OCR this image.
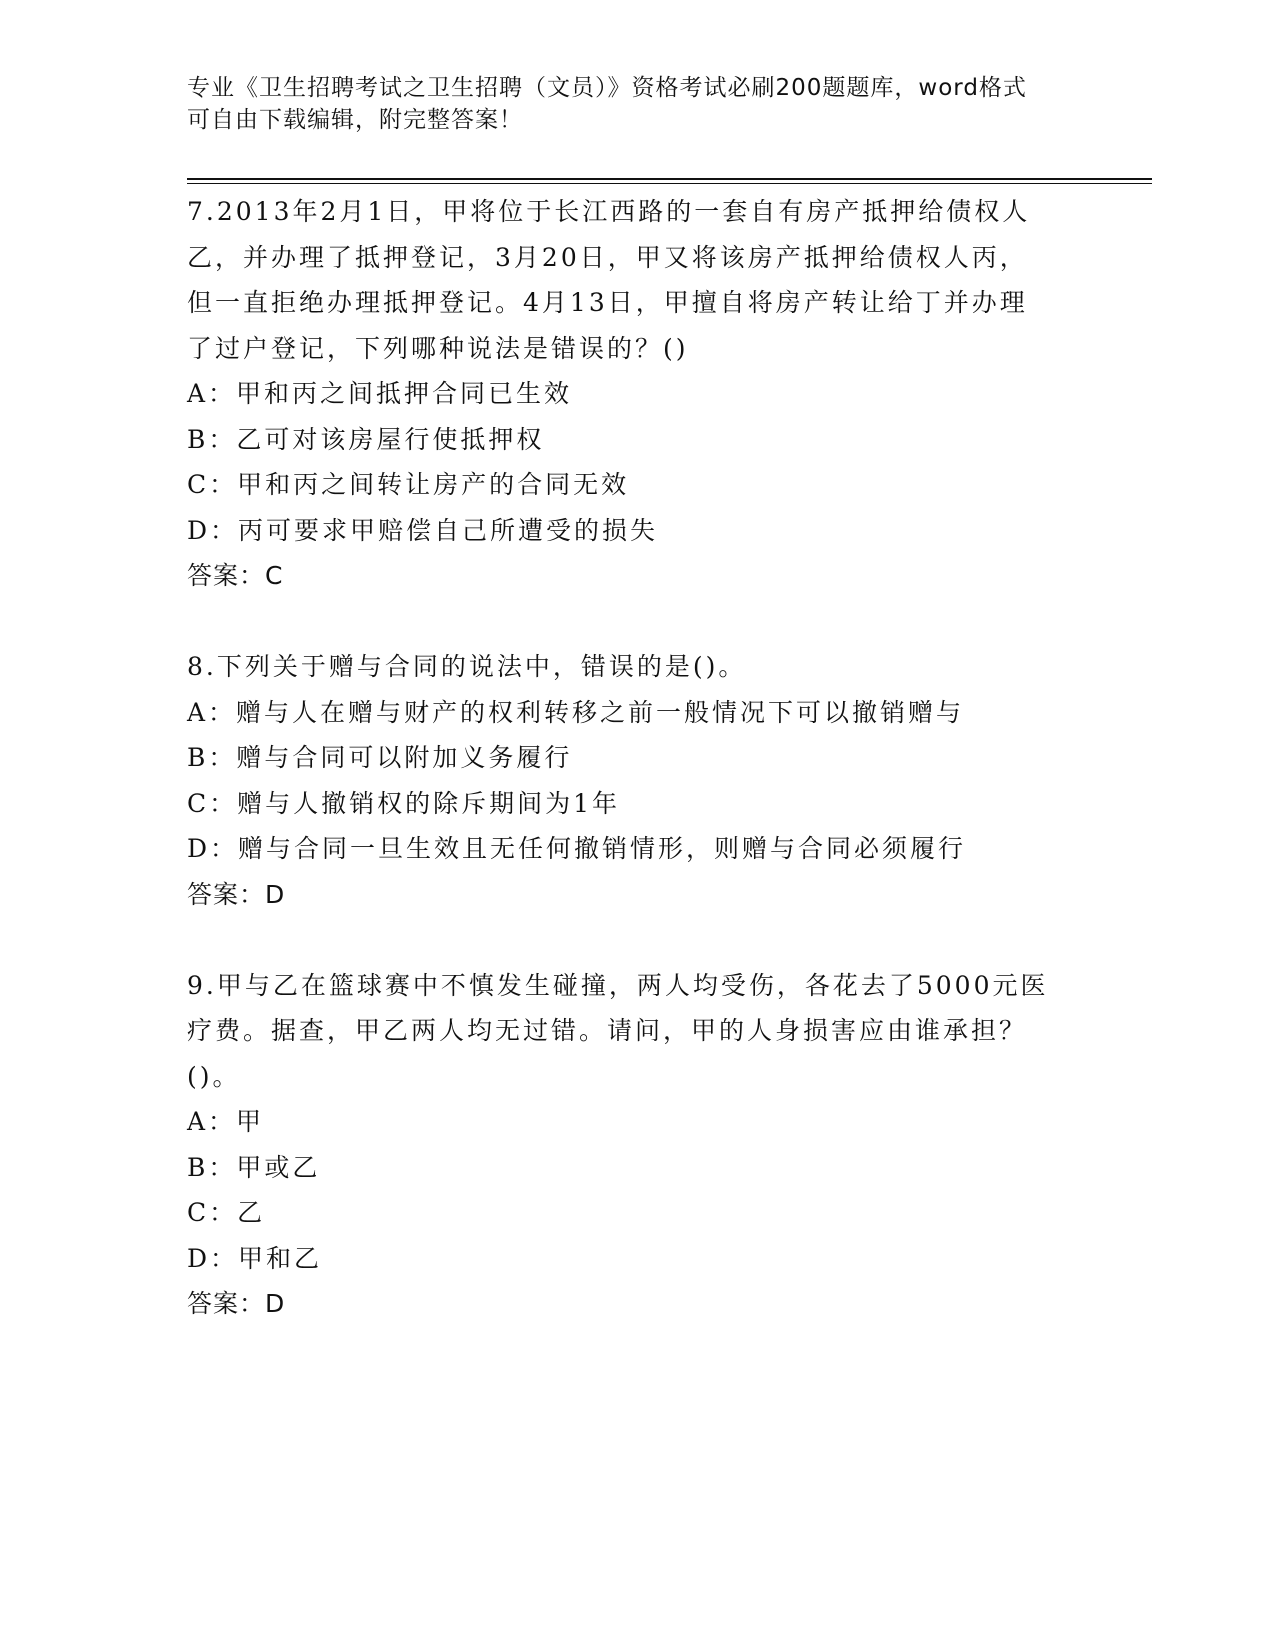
专业《卫生招聘考试之卫生招聘（文员）》资格考试必刷200题题库，word格式
可自由下载编辑，附完整答案！
7.2013年2月1日，甲将位于长江西路的一套自有房产抵押给债权人
乙，并办理了抵押登记，3月20日，甲又将该房产抵押给债权人丙，
但一直拒绝办理抵押登记。4月13日，甲擅自将房产转让给丁并办理
了过户登记，下列哪种说法是错误的？()
A：甲和丙之间抵押合同已生效
B：乙可对该房屋行使抵押权
C：甲和丙之间转让房产的合同无效
D：丙可要求甲赔偿自己所遭受的损失
答案：C
8.下列关于赠与合同的说法中，错误的是()。
A：赠与人在赠与财产的权利转移之前一般情况下可以撤销赠与
B：赠与合同可以附加义务履行
C：赠与人撤销权的除斥期间为1年
D：赠与合同一旦生效且无任何撤销情形，则赠与合同必须履行
答案：D
9.甲与乙在篮球赛中不慎发生碰撞，两人均受伤，各花去了5000元医
疗费。据查，甲乙两人均无过错。请问，甲的人身损害应由谁承担？
()。
A：甲
B：甲或乙
C：乙
D：甲和乙
答案：D
